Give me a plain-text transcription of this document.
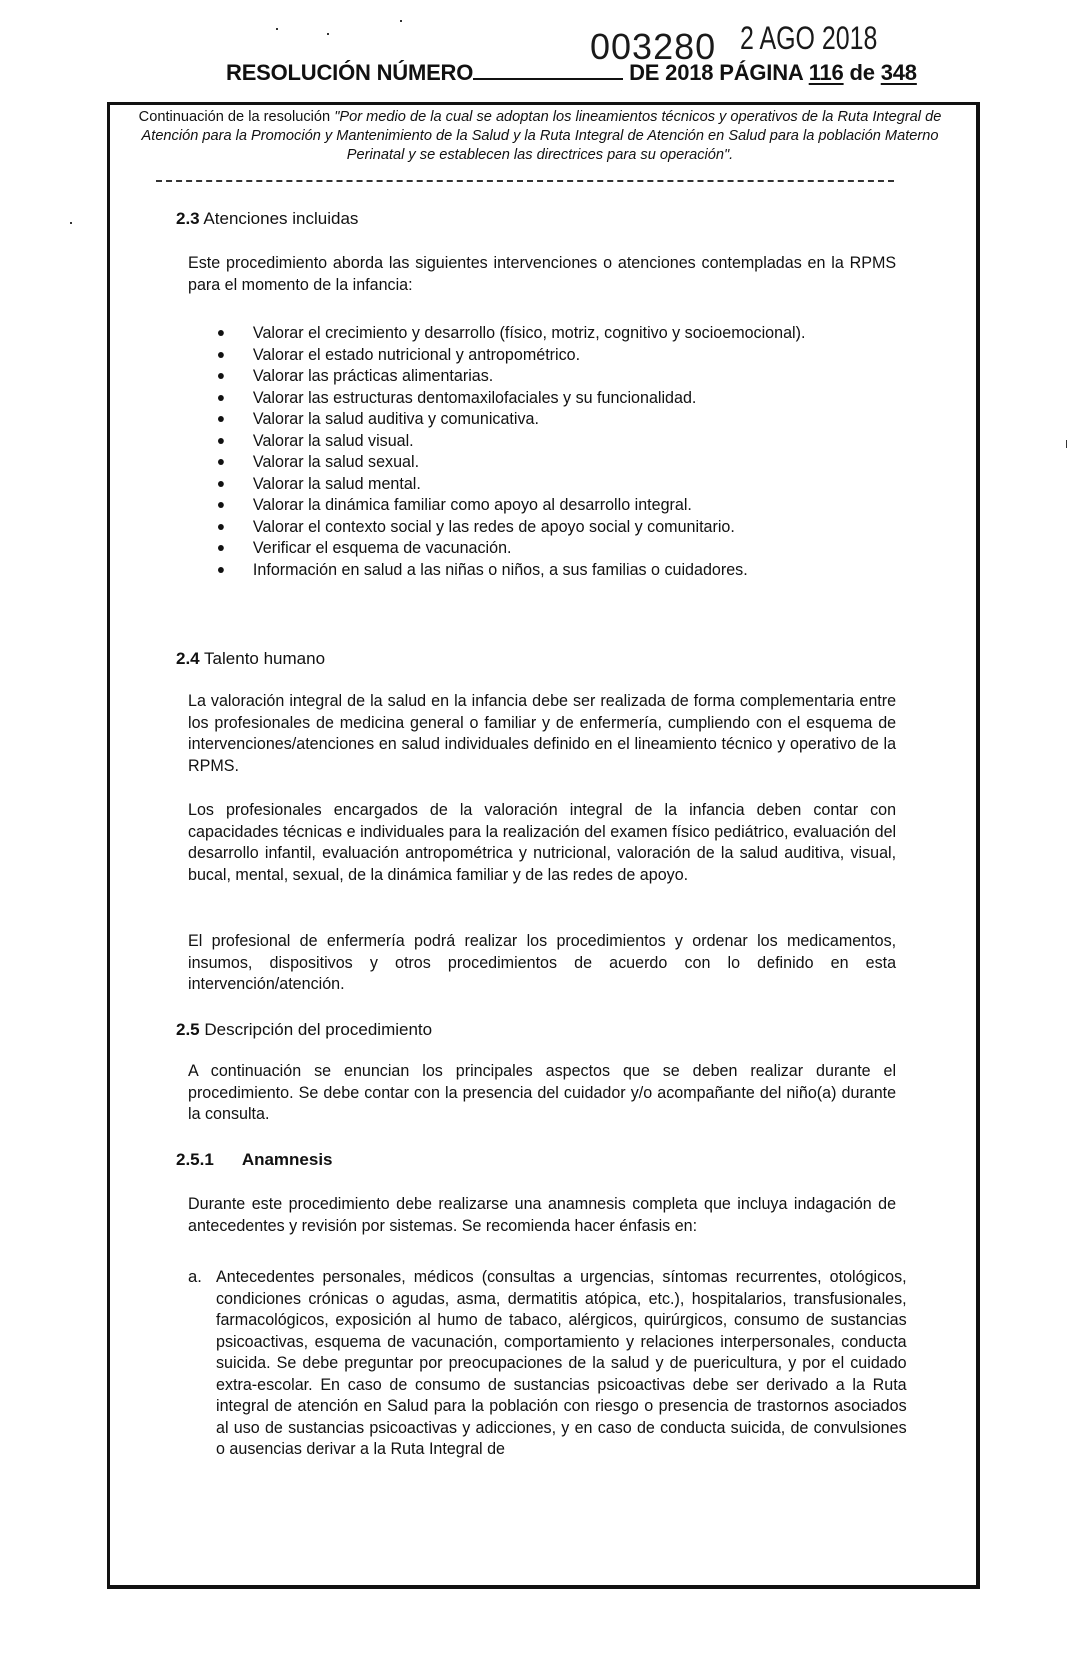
003280 2 AGO 2018
RESOLUCIÓN NÚMERO	DE 2018 PÁGINA 116 de 348
Continuación de la resolución "Por medio de la cual se adoptan los lineamientos técnicos y operativos de la Ruta Integral de Atención para la Promoción y Mantenimiento de la Salud y la Ruta Integral de Atención en Salud para la población Materno Perinatal y se establecen las directrices para su operación".
2.3 Atenciones incluidas
Este procedimiento aborda las siguientes intervenciones o atenciones contempladas en la RPMS para el momento de la infancia:
Valorar el crecimiento y desarrollo (físico, motriz, cognitivo y socioemocional).
Valorar el estado nutricional y antropométrico.
Valorar las prácticas alimentarias.
Valorar las estructuras dentomaxilofaciales y su funcionalidad.
Valorar la salud auditiva y comunicativa.
Valorar la salud visual.
Valorar la salud sexual.
Valorar la salud mental.
Valorar la dinámica familiar como apoyo al desarrollo integral.
Valorar el contexto social y las redes de apoyo social y comunitario.
Verificar el esquema de vacunación.
Información en salud a las niñas o niños, a sus familias o cuidadores.
2.4 Talento humano
La valoración integral de la salud en la infancia debe ser realizada de forma complementaria entre los profesionales de medicina general o familiar y de enfermería, cumpliendo con el esquema de intervenciones/atenciones en salud individuales definido en el lineamiento técnico y operativo de la RPMS.
Los profesionales encargados de la valoración integral de la infancia deben contar con capacidades técnicas e individuales para la realización del examen físico pediátrico, evaluación del desarrollo infantil, evaluación antropométrica y nutricional, valoración de la salud auditiva, visual, bucal, mental, sexual, de la dinámica familiar y de las redes de apoyo.
El profesional de enfermería podrá realizar los procedimientos y ordenar los medicamentos, insumos, dispositivos y otros procedimientos de acuerdo con lo definido en esta intervención/atención.
2.5 Descripción del procedimiento
A continuación se enuncian los principales aspectos que se deben realizar durante el procedimiento. Se debe contar con la presencia del cuidador y/o acompañante del niño(a) durante la consulta.
2.5.1 Anamnesis
Durante este procedimiento debe realizarse una anamnesis completa que incluya indagación de antecedentes y revisión por sistemas. Se recomienda hacer énfasis en:
a. Antecedentes personales, médicos (consultas a urgencias, síntomas recurrentes, otológicos, condiciones crónicas o agudas, asma, dermatitis atópica, etc.), hospitalarios, transfusionales, farmacológicos, exposición al humo de tabaco, alérgicos, quirúrgicos, consumo de sustancias psicoactivas, esquema de vacunación, comportamiento y relaciones interpersonales, conducta suicida. Se debe preguntar por preocupaciones de la salud y de puericultura, y por el cuidado extra-escolar. En caso de consumo de sustancias psicoactivas debe ser derivado a la Ruta integral de atención en Salud para la población con riesgo o presencia de trastornos asociados al uso de sustancias psicoactivas y adicciones, y en caso de conducta suicida, de convulsiones o ausencias derivar a la Ruta Integral de
